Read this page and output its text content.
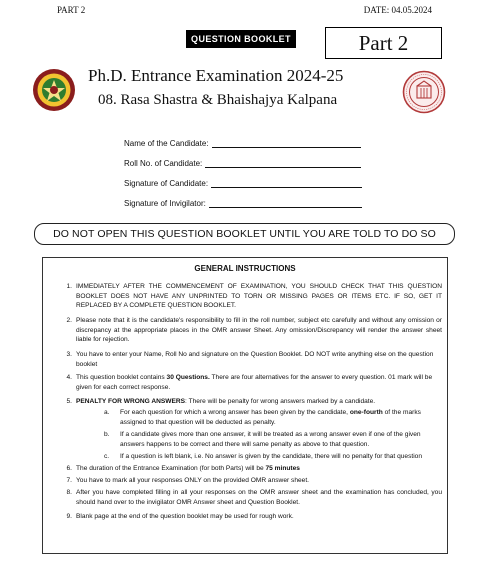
PART 2	DATE: 04.05.2024
QUESTION BOOKLET	Part 2
Ph.D. Entrance Examination 2024-25
08. Rasa Shastra & Bhaishajya Kalpana
Name of the Candidate:
Roll No. of Candidate:
Signature of Candidate:
Signature of Invigilator:
DO NOT OPEN THIS QUESTION BOOKLET UNTIL YOU ARE TOLD TO DO SO
GENERAL INSTRUCTIONS
1. IMMEDIATELY AFTER THE COMMENCEMENT OF EXAMINATION, YOU SHOULD CHECK THAT THIS QUESTION BOOKLET DOES NOT HAVE ANY UNPRINTED TO TORN OR MISSING PAGES OR ITEMS ETC. IF SO, GET IT REPLACED BY A COMPLETE QUESTION BOOKLET.
2. Please note that it is the candidate's responsibility to fill in the roll number, subject etc carefully and without any omission or discrepancy at the appropriate places in the OMR answer Sheet. Any omission/Discrepancy will render the answer sheet liable for rejection.
3. You have to enter your Name, Roll No and signature on the Question Booklet. DO NOT write anything else on the question booklet
4. This question booklet contains 30 Questions. There are four alternatives for the answer to every question. 01 mark will be given for each correct response.
5. PENALTY FOR WRONG ANSWERS: There will be penalty for wrong answers marked by a candidate.
a.	For each question for which a wrong answer has been given by the candidate, one-fourth of the marks assigned to that question will be deducted as penalty.
b.	If a candidate gives more than one answer, it will be treated as a wrong answer even if one of the given answers happens to be correct and there will same penalty as above to that question.
c.	If a question is left blank, i.e. No answer is given by the candidate, there will no penalty for that question
6. The duration of the Entrance Examination (for both Parts) will be 75 minutes
7. You have to mark all your responses ONLY on the provided OMR answer sheet.
8. After you have completed filling in all your responses on the OMR answer sheet and the examination has concluded, you should hand over to the invigilator OMR Answer sheet and Question Booklet.
9. Blank page at the end of the question booklet may be used for rough work.
